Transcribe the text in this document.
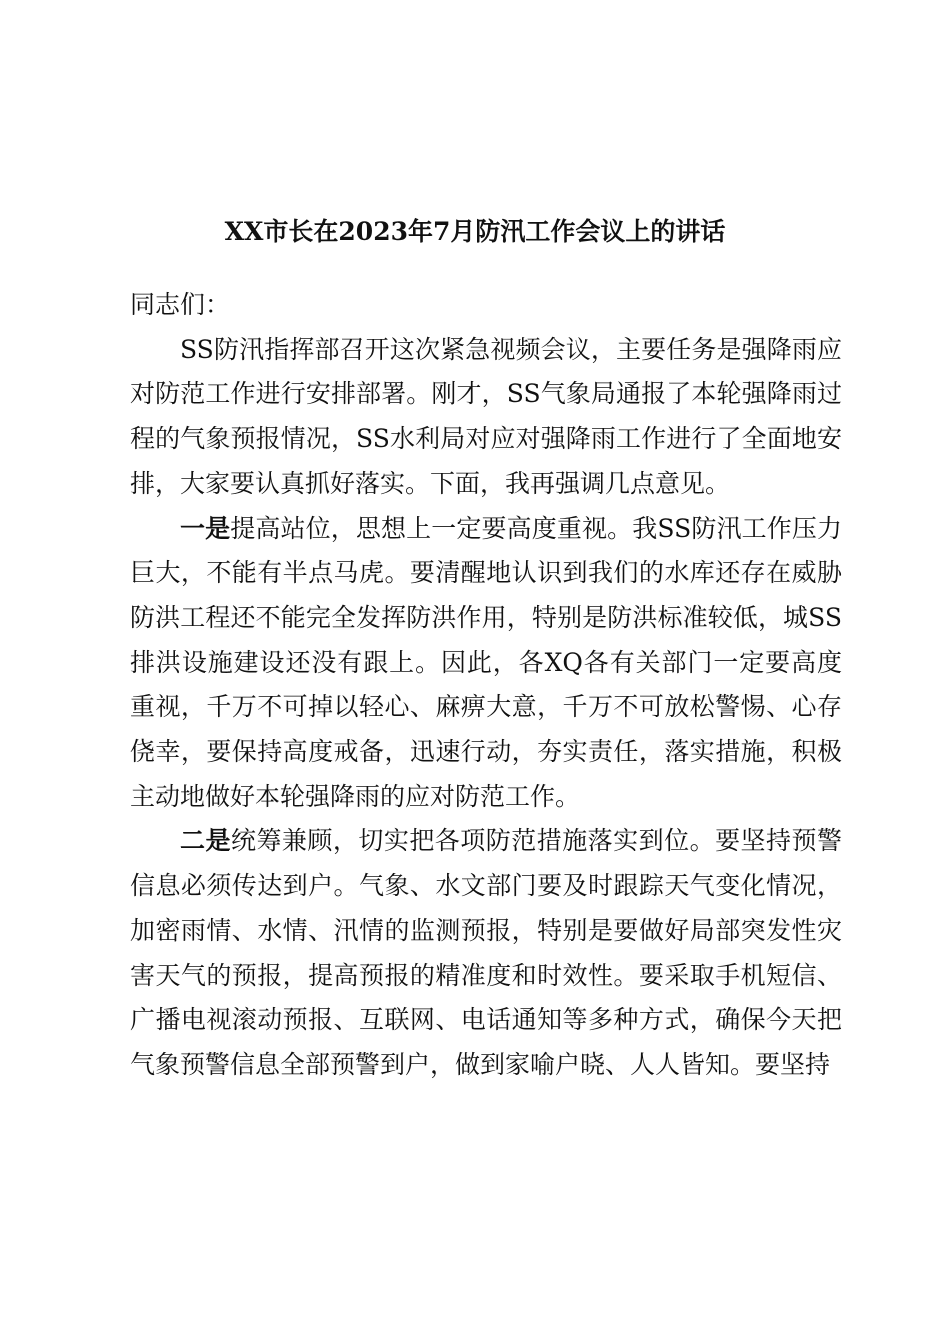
XX市长在2023年7月防汛工作会议上的讲话

同志们：

SS防汛指挥部召开这次紧急视频会议，主要任务是强降雨应对防范工作进行安排部署。刚才，SS气象局通报了本轮强降雨过程的气象预报情况，SS水利局对应对强降雨工作进行了全面地安排，大家要认真抓好落实。下面，我再强调几点意见。

一是提高站位，思想上一定要高度重视。我SS防汛工作压力巨大，不能有半点马虎。要清醒地认识到我们的水库还存在威胁防洪工程还不能完全发挥防洪作用，特别是防洪标准较低，城SS排洪设施建设还没有跟上。因此，各XQ各有关部门一定要高度重视，千万不可掉以轻心、麻痹大意，千万不可放松警惕、心存侥幸，要保持高度戒备，迅速行动，夯实责任，落实措施，积极主动地做好本轮强降雨的应对防范工作。

二是统筹兼顾，切实把各项防范措施落实到位。要坚持预警信息必须传达到户。气象、水文部门要及时跟踪天气变化情况，加密雨情、水情、汛情的监测预报，特别是要做好局部突发性灾害天气的预报，提高预报的精准度和时效性。要采取手机短信、广播电视滚动预报、互联网、电话通知等多种方式，确保今天把气象预警信息全部预警到户，做到家喻户晓、人人皆知。要坚持
